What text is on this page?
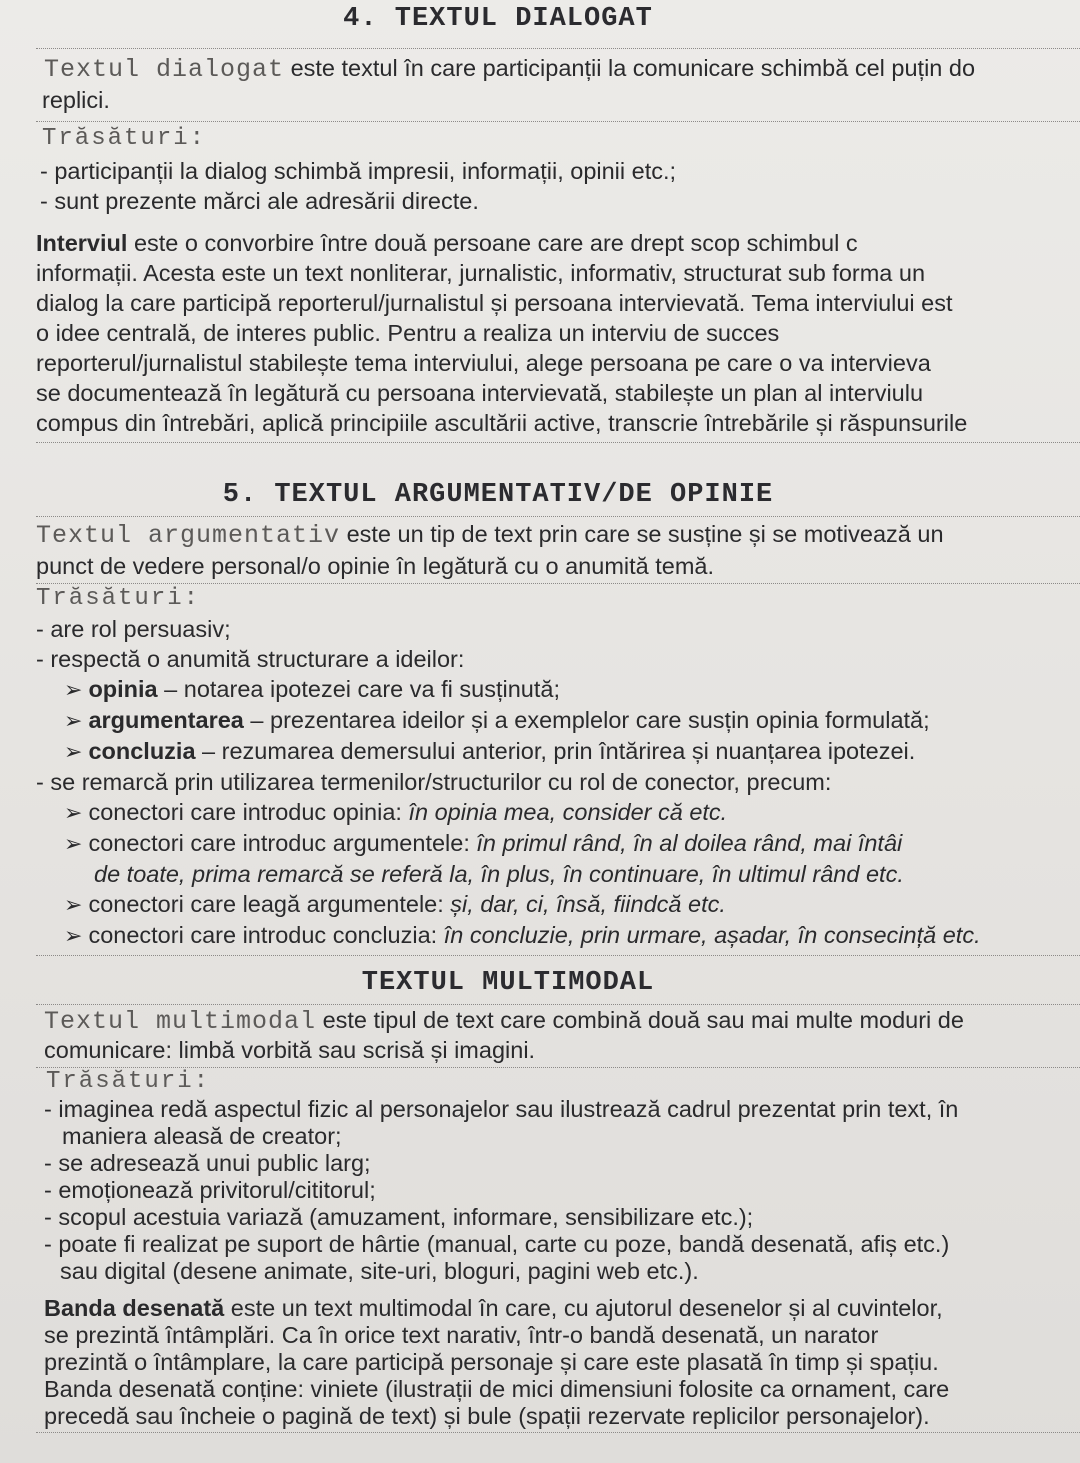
4. TEXTUL DIALOGAT
Textul dialogat este textul în care participanții la comunicare schimbă cel puțin do
replici.
Trăsături:
- participanții la dialog schimbă impresii, informații, opinii etc.;
- sunt prezente mărci ale adresării directe.
Interviul este o convorbire între două persoane care are drept scop schimbul c
informații. Acesta este un text nonliterar, jurnalistic, informativ, structurat sub forma un
dialog la care participă reporterul/jurnalistul și persoana intervievată. Tema interviului est
o idee centrală, de interes public. Pentru a realiza un interviu de succes
reporterul/jurnalistul stabilește tema interviului, alege persoana pe care o va intervieva
se documentează în legătură cu persoana intervievată, stabilește un plan al interviulu
compus din întrebări, aplică principiile ascultării active, transcrie întrebările și răspunsurile
5. TEXTUL ARGUMENTATIV/DE OPINIE
Textul argumentativ este un tip de text prin care se susține și se motivează un
punct de vedere personal/o opinie în legătură cu o anumită temă.
Trăsături:
- are rol persuasiv;
- respectă o anumită structurare a ideilor:
➢ opinia – notarea ipotezei care va fi susținută;
➢ argumentarea – prezentarea ideilor și a exemplelor care susțin opinia formulată;
➢ concluzia – rezumarea demersului anterior, prin întărirea și nuanțarea ipotezei.
- se remarcă prin utilizarea termenilor/structurilor cu rol de conector, precum:
➢ conectori care introduc opinia: în opinia mea, consider că etc.
➢ conectori care introduc argumentele: în primul rând, în al doilea rând, mai întâi
de toate, prima remarcă se referă la, în plus, în continuare, în ultimul rând etc.
➢ conectori care leagă argumentele: și, dar, ci, însă, fiindcă etc.
➢ conectori care introduc concluzia: în concluzie, prin urmare, așadar, în consecință etc.
TEXTUL MULTIMODAL
Textul multimodal este tipul de text care combină două sau mai multe moduri de
comunicare: limbă vorbită sau scrisă și imagini.
Trăsături:
- imaginea redă aspectul fizic al personajelor sau ilustrează cadrul prezentat prin text, în
maniera aleasă de creator;
- se adresează unui public larg;
- emoționează privitorul/cititorul;
- scopul acestuia variază (amuzament, informare, sensibilizare etc.);
- poate fi realizat pe suport de hârtie (manual, carte cu poze, bandă desenată, afiș etc.)
sau digital (desene animate, site-uri, bloguri, pagini web etc.).
Banda desenată este un text multimodal în care, cu ajutorul desenelor și al cuvintelor,
se prezintă întâmplări. Ca în orice text narativ, într-o bandă desenată, un narator
prezintă o întâmplare, la care participă personaje și care este plasată în timp și spațiu.
Banda desenată conține: viniete (ilustrații de mici dimensiuni folosite ca ornament, care
precedă sau încheie o pagină de text) și bule (spații rezervate replicilor personajelor).
